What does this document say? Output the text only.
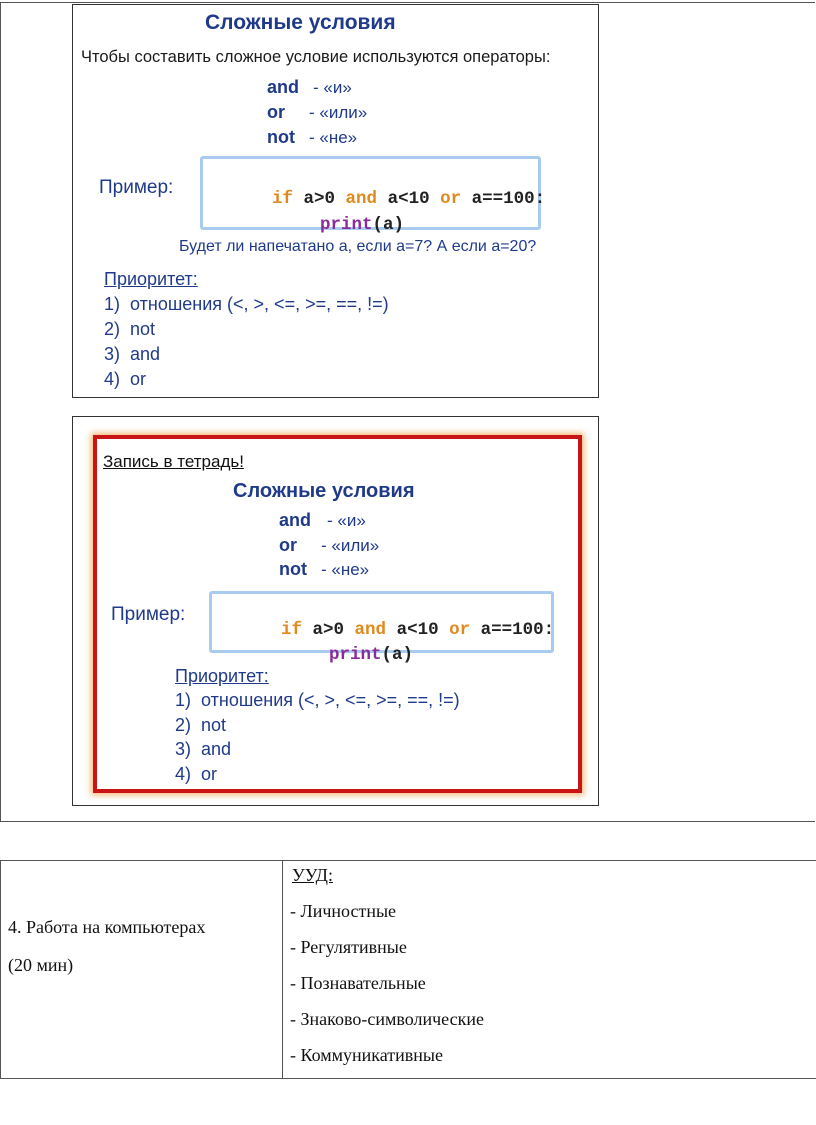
Сложные условия
Чтобы составить сложное условие используются операторы:
and - «и»
or - «или»
not - «не»
Пример:

if a>0 and a<10 or a==100:

print(a)

Будет ли напечатано a, если a=7? А если a=20?
Приоритет:
1) отношения (<, >, <=, >=, ==, !=)
2) not
3) and
4) or
Запись в тетрадь!
Сложные условия
and - «и»
or - «или»
not - «не»
Пример:

if a>0 and a<10 or a==100:

print(a)

Приоритет:
1) отношения (<, >, <=, >=, ==, !=)
2) not
3) and
4) or
4. Работа на компьютерах
(20 мин)
УУД:
- Личностные
- Регулятивные
- Познавательные
- Знаково-символические
- Коммуникативные
